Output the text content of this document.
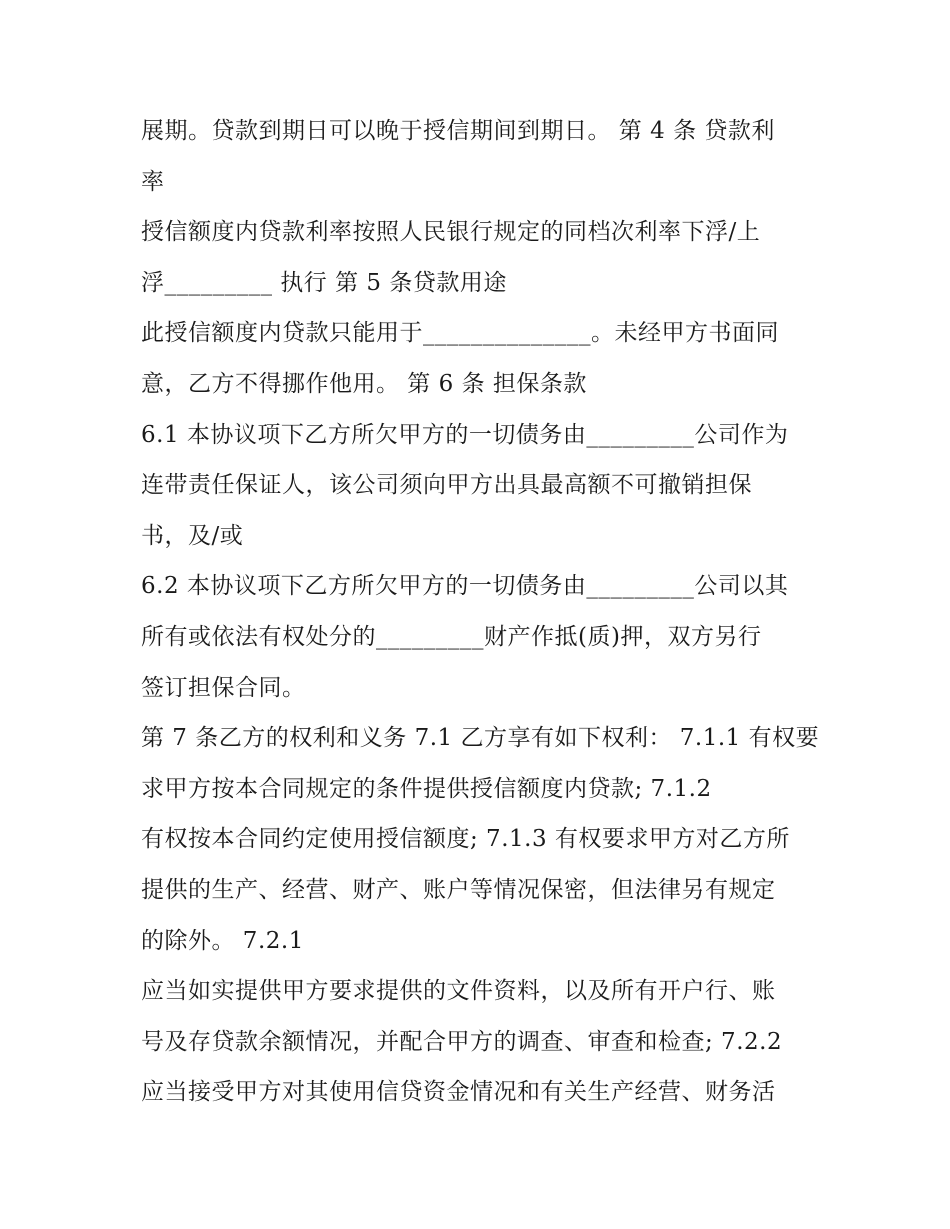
展期。贷款到期日可以晚于授信期间到期日。 第 4 条 贷款利
率
授信额度内贷款利率按照人民银行规定的同档次利率下浮/上
浮_________ 执行 第 5 条贷款用途
此授信额度内贷款只能用于______________。未经甲方书面同
意，乙方不得挪作他用。 第 6 条 担保条款
6.1 本协议项下乙方所欠甲方的一切债务由_________公司作为
连带责任保证人，该公司须向甲方出具最高额不可撤销担保
书，及/或
6.2 本协议项下乙方所欠甲方的一切债务由_________公司以其
所有或依法有权处分的_________财产作抵(质)押，双方另行
签订担保合同。
第 7 条乙方的权利和义务 7.1 乙方享有如下权利： 7.1.1 有权要
求甲方按本合同规定的条件提供授信额度内贷款; 7.1.2
有权按本合同约定使用授信额度; 7.1.3 有权要求甲方对乙方所
提供的生产、经营、财产、账户等情况保密，但法律另有规定
的除外。 7.2.1
应当如实提供甲方要求提供的文件资料，以及所有开户行、账
号及存贷款余额情况，并配合甲方的调查、审查和检查; 7.2.2
应当接受甲方对其使用信贷资金情况和有关生产经营、财务活
